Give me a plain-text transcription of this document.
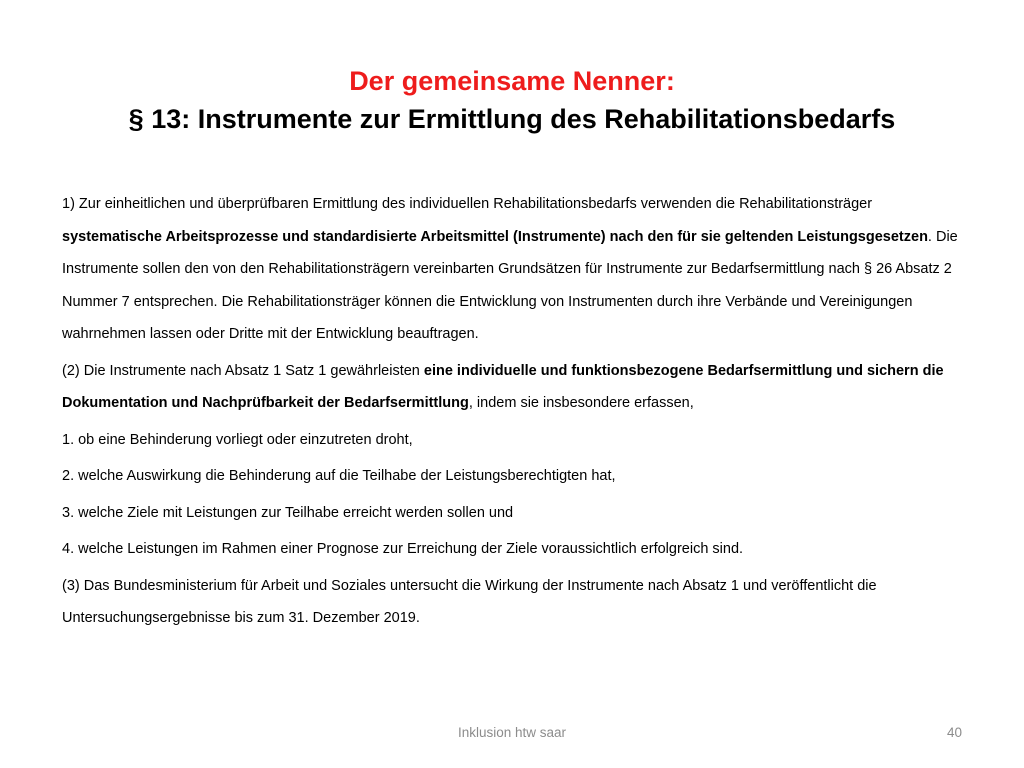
Der gemeinsame Nenner:
§ 13: Instrumente zur Ermittlung des Rehabilitationsbedarfs

1) Zur einheitlichen und überprüfbaren Ermittlung des individuellen Rehabilitationsbedarfs verwenden die Rehabilitationsträger systematische Arbeitsprozesse und standardisierte Arbeitsmittel (Instrumente) nach den für sie geltenden Leistungsgesetzen. Die Instrumente sollen den von den Rehabilitationsträgern vereinbarten Grundsätzen für Instrumente zur Bedarfsermittlung nach § 26 Absatz 2 Nummer 7 entsprechen. Die Rehabilitationsträger können die Entwicklung von Instrumenten durch ihre Verbände und Vereinigungen wahrnehmen lassen oder Dritte mit der Entwicklung beauftragen.

(2) Die Instrumente nach Absatz 1 Satz 1 gewährleisten eine individuelle und funktionsbezogene Bedarfsermittlung und sichern die Dokumentation und Nachprüfbarkeit der Bedarfsermittlung, indem sie insbesondere erfassen,

1. ob eine Behinderung vorliegt oder einzutreten droht,

2. welche Auswirkung die Behinderung auf die Teilhabe der Leistungsberechtigten hat,

3. welche Ziele mit Leistungen zur Teilhabe erreicht werden sollen und

4. welche Leistungen im Rahmen einer Prognose zur Erreichung der Ziele voraussichtlich erfolgreich sind.

(3) Das Bundesministerium für Arbeit und Soziales untersucht die Wirkung der Instrumente nach Absatz 1 und veröffentlicht die Untersuchungsergebnisse bis zum 31. Dezember 2019.

Inklusion htw saar	40
